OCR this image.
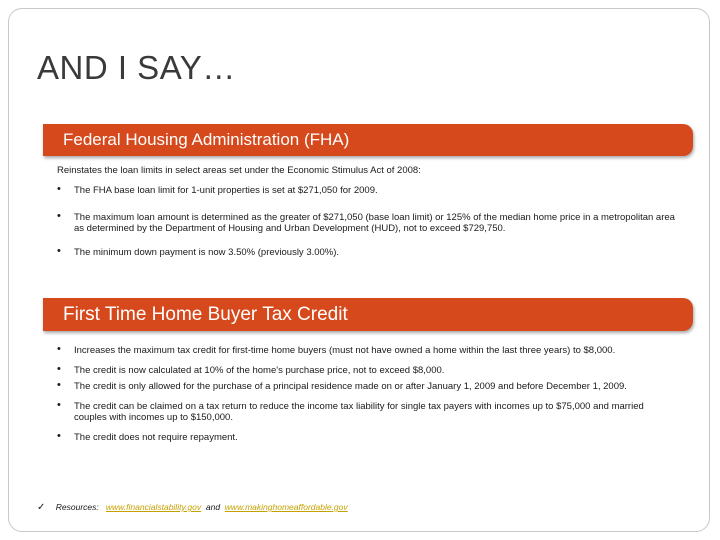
AND I SAY…
Federal Housing Administration (FHA)
Reinstates the loan limits in select areas set under the Economic Stimulus Act of 2008:
• The FHA base loan limit for 1-unit properties is set at $271,050 for 2009.
• The maximum loan amount is determined as the greater of $271,050 (base loan limit) or 125% of the median home price in a metropolitan area as determined by the Department of Housing and Urban Development (HUD), not to exceed $729,750.
• The minimum down payment is now 3.50% (previously 3.00%).
First Time Home Buyer Tax Credit
• Increases the maximum tax credit for first-time home buyers (must not have owned a home within the last three years) to $8,000.
• The credit is now calculated at 10% of the home's purchase price, not to exceed $8,000.
• The credit is only allowed for the purchase of a principal residence made on or after January 1, 2009 and before December 1, 2009.
• The credit can be claimed on a tax return to reduce the income tax liability for single tax payers with incomes up to $75,000 and married couples with incomes up to $150,000.
• The credit does not require repayment.
✓ Resources: www.financialstability.gov and www.makinghomeaffordable.gov
